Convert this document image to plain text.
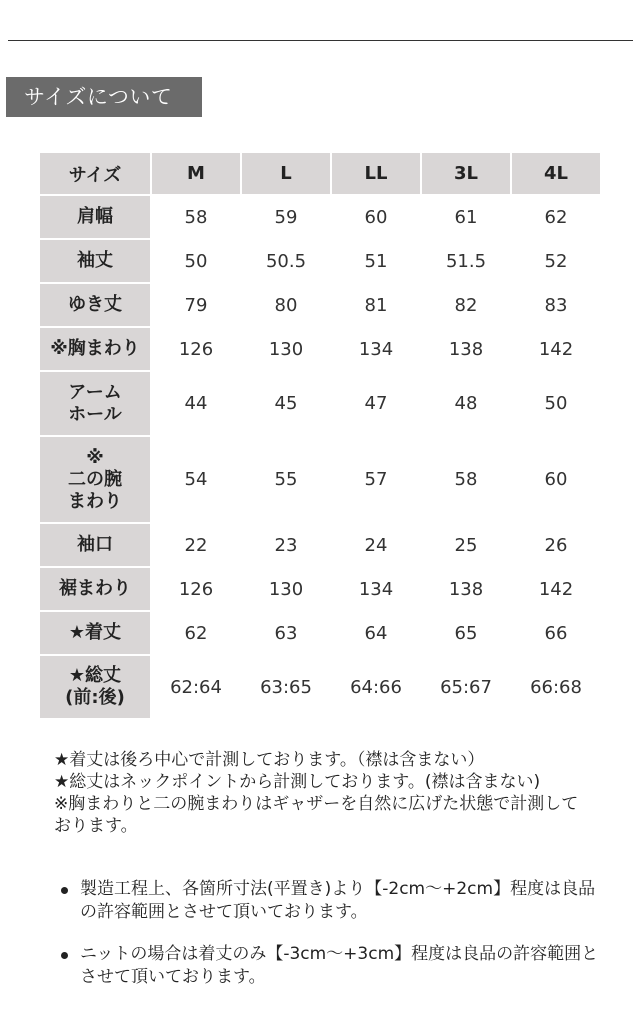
サイズについて
サイズ	M	L	LL	3L	4L
肩幅	58	59	60	61	62
袖丈	50	50.5	51	51.5	52
ゆき丈	79	80	81	82	83
※胸まわり	126	130	134	138	142

アーム
ホール	44	45	47	48	50

※
二の腕
まわり	54	55	57	58	60
袖口	22	23	24	25	26
裾まわり	126	130	134	138	142
★着丈	62	63	64	65	66

★総丈
(前:後)	62:64	63:65	64:66	65:67	66:68

★着丈は後ろ中心で計測しております。（襟は含まない）

★総丈はネックポイントから計測しております。(襟は含まない)

※胸まわりと二の腕まわりはギャザーを自然に広げた状態で計測しております。

製造工程上、各箇所寸法(平置き)より【-2cm～+2cm】程度は良品の許容範囲とさせて頂いております。
ニットの場合は着丈のみ【-3cm～+3cm】程度は良品の許容範囲とさせて頂いております。
